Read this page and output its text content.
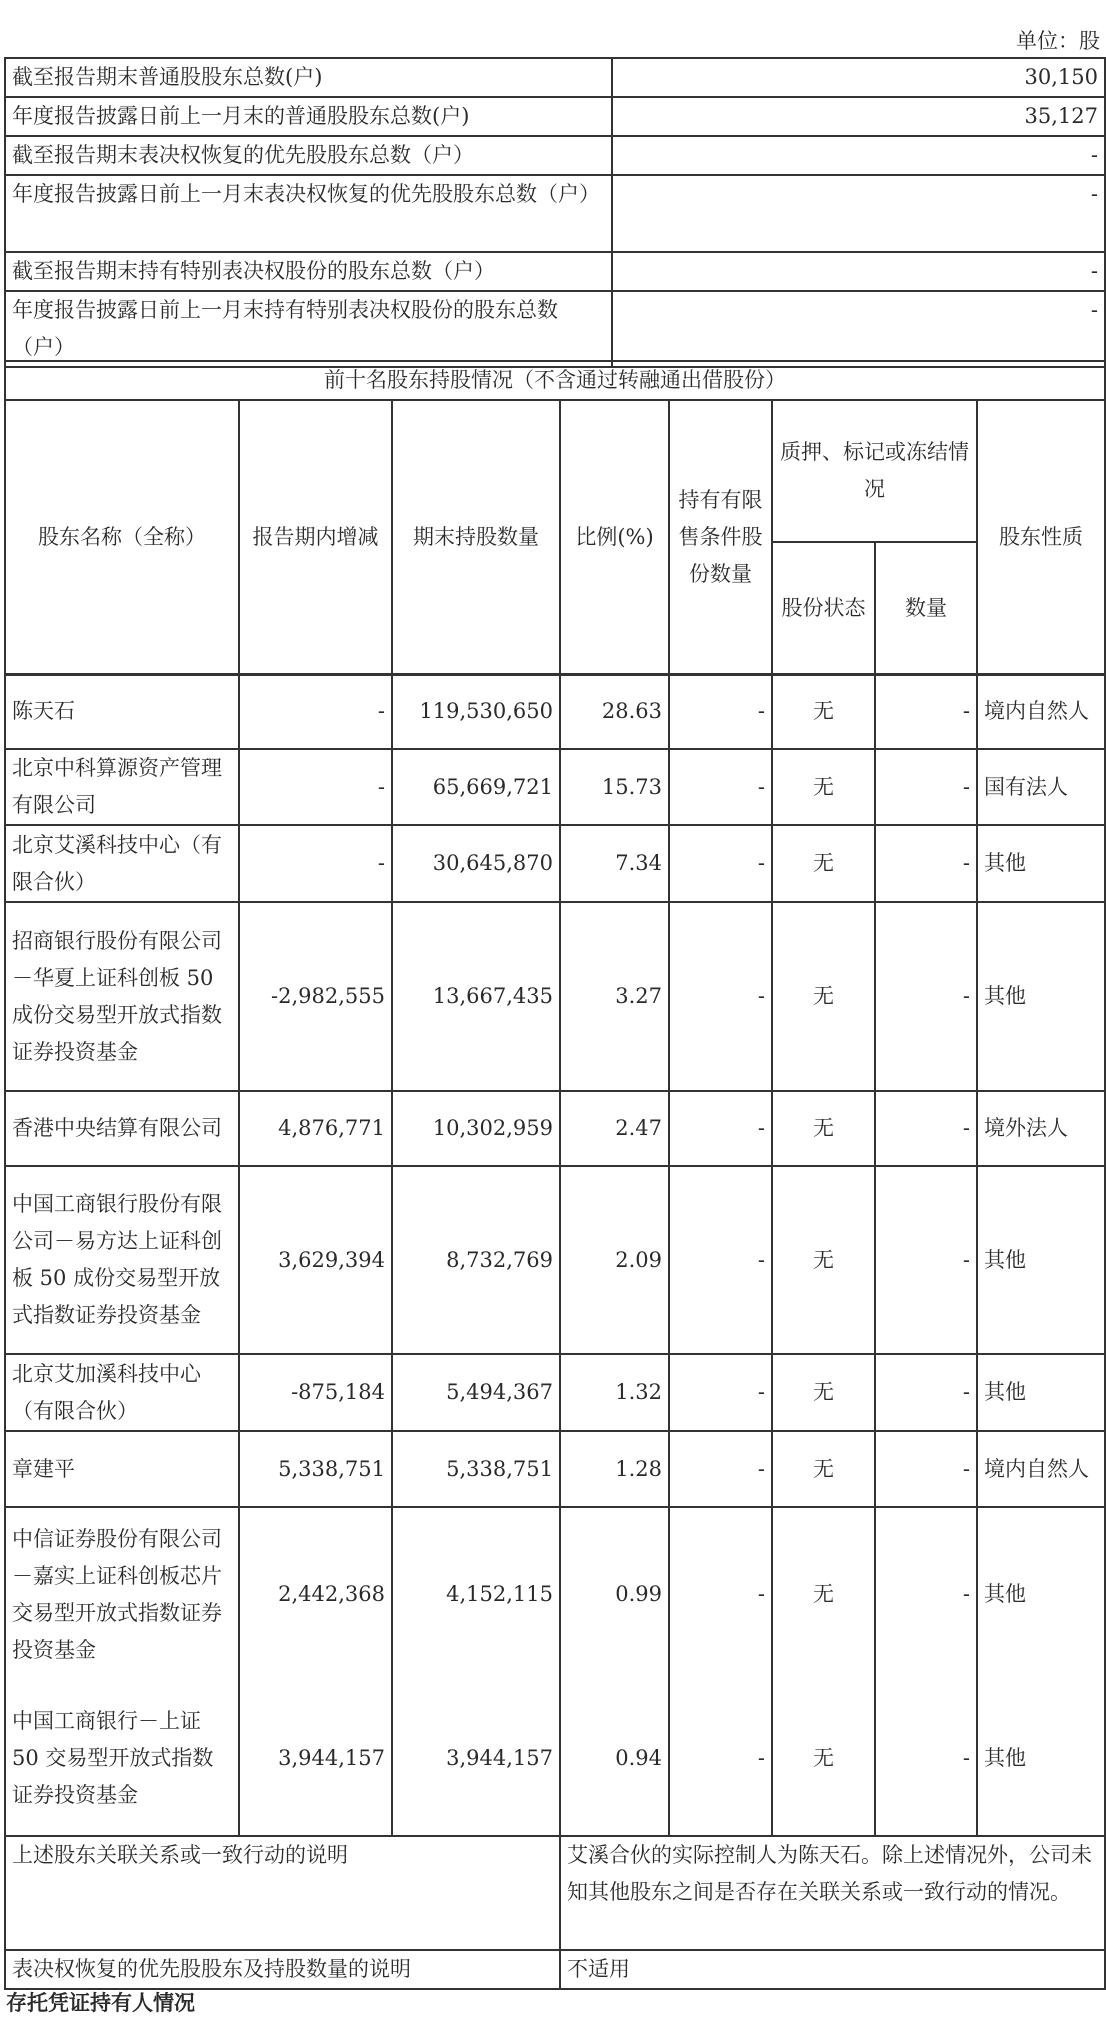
单位：股
截至报告期末普通股股东总数(户)	30,150
年度报告披露日前上一月末的普通股股东总数(户)	35,127
截至报告期末表决权恢复的优先股股东总数（户）	-
年度报告披露日前上一月末表决权恢复的优先股股东总数（户）	-
截至报告期末持有特别表决权股份的股东总数（户）	-
年度报告披露日前上一月末持有特别表决权股份的股东总数（户）	-
前十名股东持股情况（不含通过转融通出借股份）							
股东名称（全称）	报告期内增减	期末持股数量	比例(%)	持有有限售条件股份数量	质押、标记或冻结情况		股东性质
					股份状态	数量	
陈天石	-	119,530,650	28.63	-	无	-	境内自然人
北京中科算源资产管理有限公司	-	65,669,721	15.73	-	无	-	国有法人
北京艾溪科技中心（有限合伙）	-	30,645,870	7.34	-	无	-	其他
招商银行股份有限公司－华夏上证科创板 50 成份交易型开放式指数证券投资基金	-2,982,555	13,667,435	3.27	-	无	-	其他
香港中央结算有限公司	4,876,771	10,302,959	2.47	-	无	-	境外法人
中国工商银行股份有限公司－易方达上证科创板 50 成份交易型开放式指数证券投资基金	3,629,394	8,732,769	2.09	-	无	-	其他
北京艾加溪科技中心（有限合伙）	-875,184	5,494,367	1.32	-	无	-	其他
章建平	5,338,751	5,338,751	1.28	-	无	-	境内自然人
中信证券股份有限公司－嘉实上证科创板芯片交易型开放式指数证券投资基金	2,442,368	4,152,115	0.99	-	无	-	其他
中国工商银行－上证 50 交易型开放式指数证券投资基金	3,944,157	3,944,157	0.94	-	无	-	其他
上述股东关联关系或一致行动的说明	艾溪合伙的实际控制人为陈天石。除上述情况外，公司未知其他股东之间是否存在关联关系或一致行动的情况。
表决权恢复的优先股股东及持股数量的说明	不适用
存托凭证持有人情况
